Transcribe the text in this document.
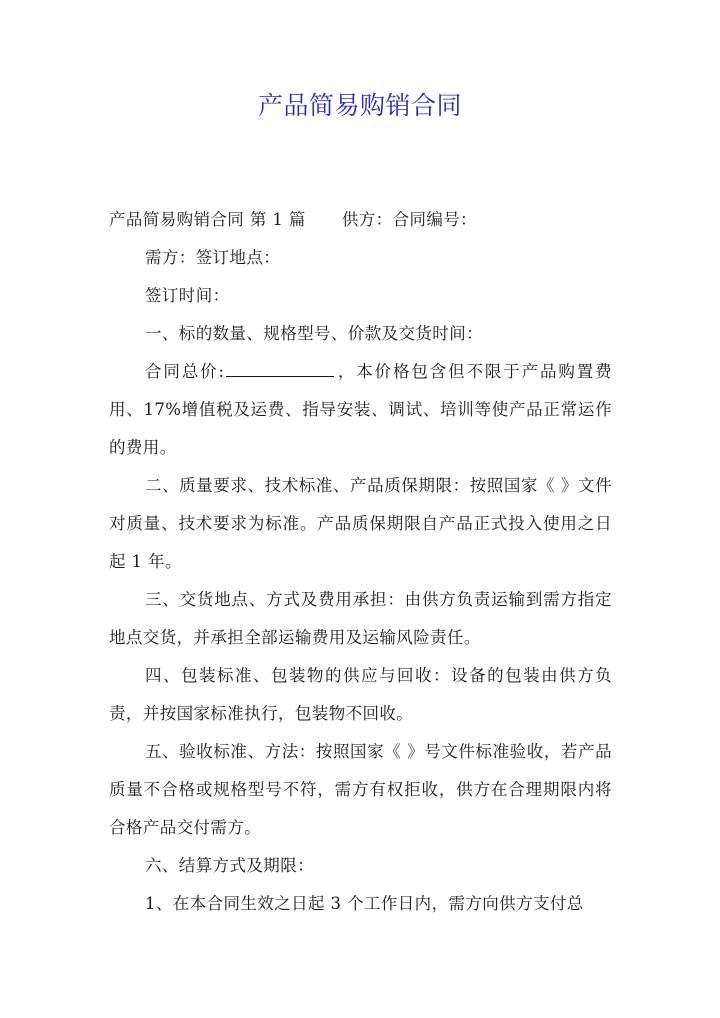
产品简易购销合同

产品简易购销合同 第 1 篇 供方：合同编号：

需方：签订地点：

签订时间：

一、标的数量、规格型号、价款及交货时间：

合同总价:	，本价格包含但不限于产品购置费用、17%增值税及运费、指导安装、调试、培训等使产品正常运作的费用。

二、质量要求、技术标准、产品质保期限：按照国家《 》文件对质量、技术要求为标准。产品质保期限自产品正式投入使用之日起 1 年。

三、交货地点、方式及费用承担：由供方负责运输到需方指定地点交货，并承担全部运输费用及运输风险责任。

四、包装标准、包装物的供应与回收：设备的包装由供方负责，并按国家标准执行，包装物不回收。

五、验收标准、方法：按照国家《 》号文件标准验收，若产品质量不合格或规格型号不符，需方有权拒收，供方在合理期限内将合格产品交付需方。

六、结算方式及期限：

1、在本合同生效之日起 3 个工作日内，需方向供方支付总
